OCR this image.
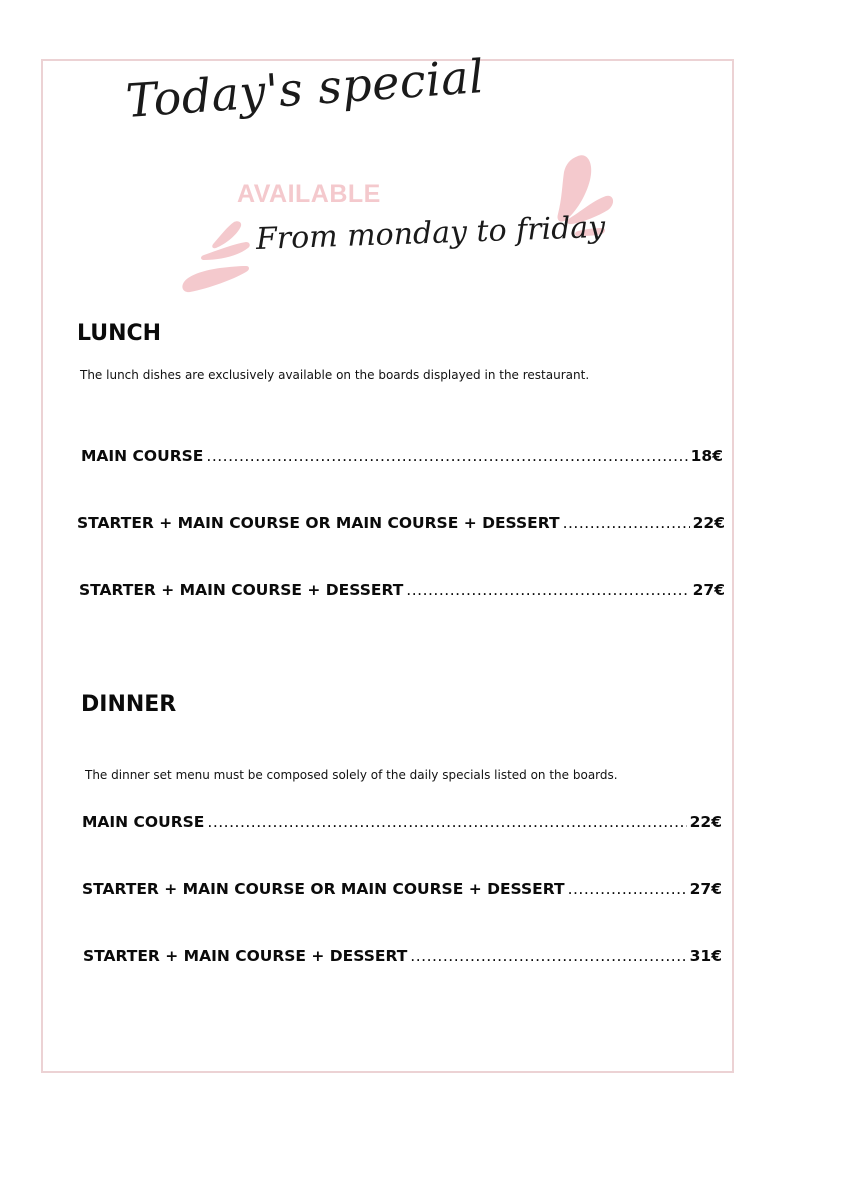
Today's special
AVAILABLE
From monday to friday
LUNCH
The lunch dishes are exclusively available on the boards displayed in the restaurant.
MAIN COURSE .....	18€
STARTER + MAIN COURSE OR MAIN COURSE + DESSERT .....	22€
STARTER + MAIN COURSE + DESSERT .....	27€
DINNER
The dinner set menu must be composed solely of the daily specials listed on the boards.
MAIN COURSE .....	22€
STARTER + MAIN COURSE OR MAIN COURSE + DESSERT .....	27€
STARTER + MAIN COURSE + DESSERT .....	31€
